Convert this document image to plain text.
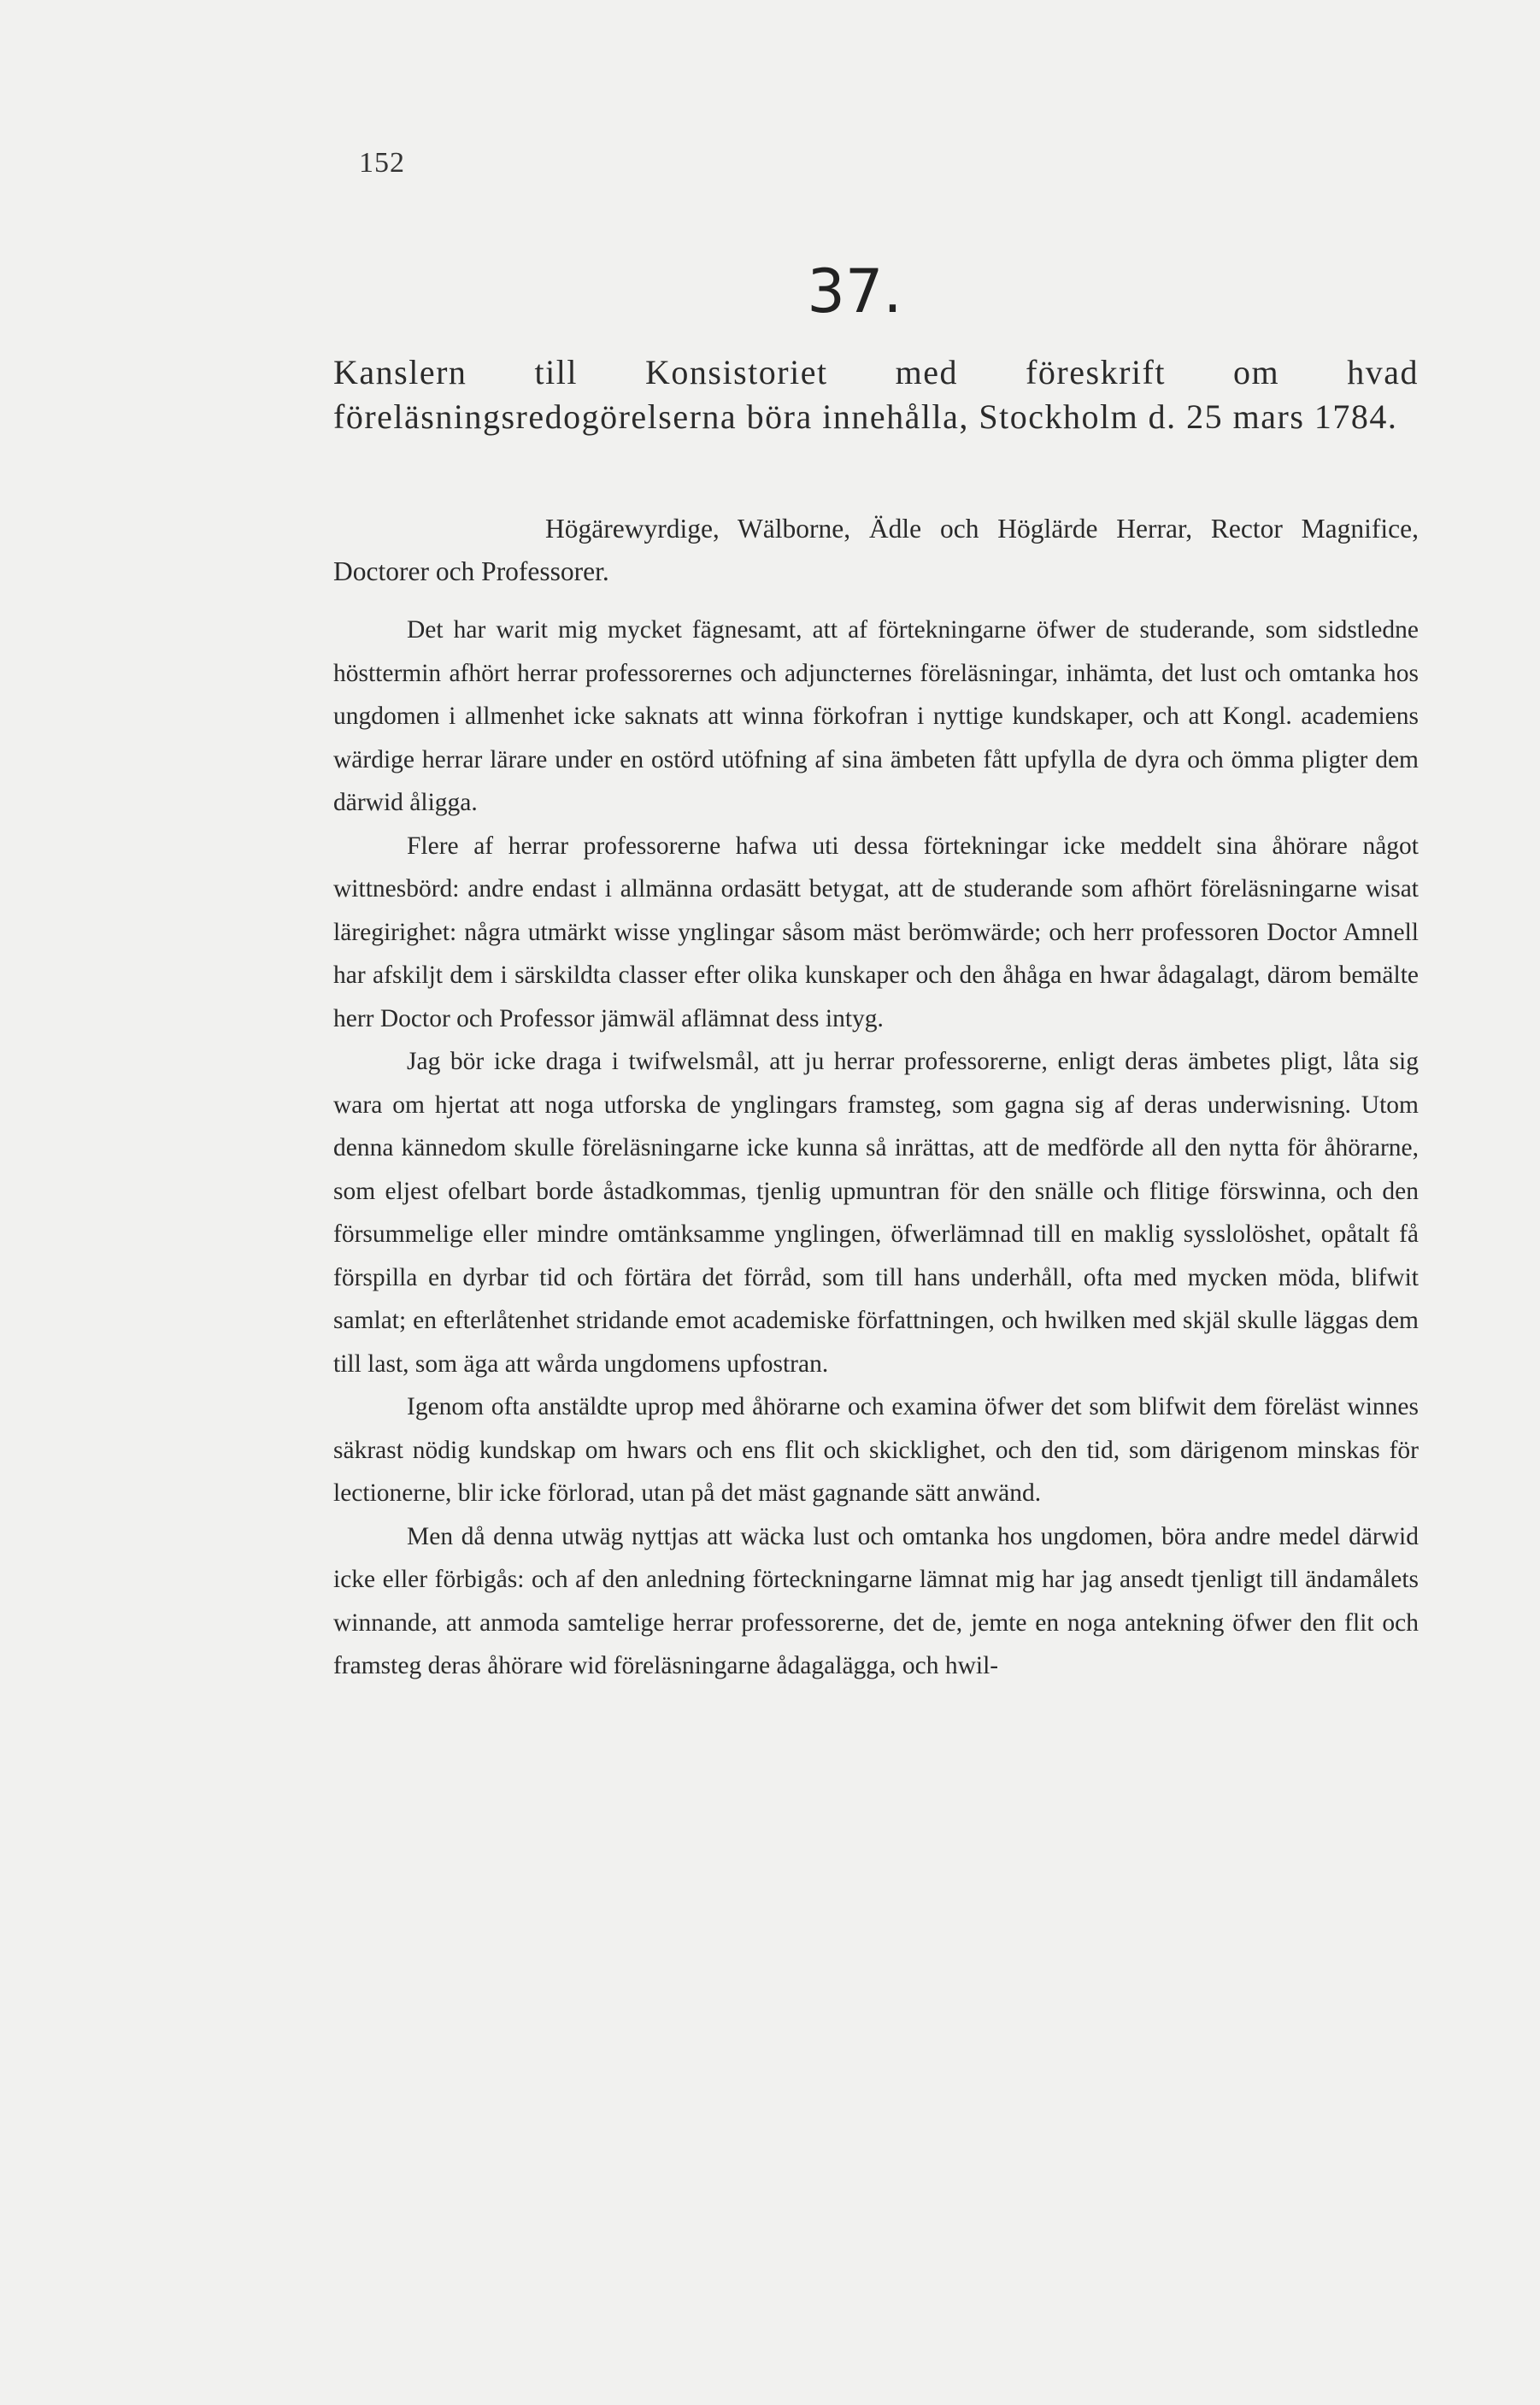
152
37.
Kanslern till Konsistoriet med föreskrift om hvad föreläsningsredogörelserna böra innehålla, Stockholm d. 25 mars 1784.
Högärewyrdige, Wälborne, Ädle och Höglärde Herrar, Rector Magnifice, Doctorer och Professorer.

Det har warit mig mycket fägnesamt, att af förtekningarne öfwer de studerande, som sidstledne hösttermin afhört herrar professorernes och adjuncternes föreläsningar, inhämta, det lust och omtanka hos ungdomen i allmenhet icke saknats att winna förkofran i nyttige kundskaper, och att Kongl. academiens wärdige herrar lärare under en ostörd utöfning af sina ämbeten fått upfylla de dyra och ömma pligter dem därwid åligga.

Flere af herrar professorerne hafwa uti dessa förtekningar icke meddelt sina åhörare något wittnesbörd: andre endast i allmänna ordasätt betygat, att de studerande som afhört föreläsningarne wisat läregirighet: några utmärkt wisse ynglingar såsom mäst berömwärde; och herr professoren Doctor Amnell har afskiljt dem i särskildta classer efter olika kunskaper och den åhåga en hwar ådagalagt, därom bemälte herr Doctor och Professor jämwäl aflämnat dess intyg.

Jag bör icke draga i twifwelsmål, att ju herrar professorerne, enligt deras ämbetes pligt, låta sig wara om hjertat att noga utforska de ynglingars framsteg, som gagna sig af deras underwisning. Utom denna kännedom skulle föreläsningarne icke kunna så inrättas, att de medförde all den nytta för åhörarne, som eljest ofelbart borde åstadkommas, tjenlig upmuntran för den snälle och flitige förswinna, och den försummelige eller mindre omtänksamme ynglingen, öfwerlämnad till en maklig sysslolöshet, opåtalt få förspilla en dyrbar tid och förtära det förråd, som till hans underhåll, ofta med mycken möda, blifwit samlat; en efterlåtenhet stridande emot academiske författningen, och hwilken med skjäl skulle läggas dem till last, som äga att wårda ungdomens upfostran.

Igenom ofta anstäldte uprop med åhörarne och examina öfwer det som blifwit dem föreläst winnes säkrast nödig kundskap om hwars och ens flit och skicklighet, och den tid, som därigenom minskas för lectionerne, blir icke förlorad, utan på det mäst gagnande sätt anwänd.

Men då denna utwäg nyttjas att wäcka lust och omtanka hos ungdomen, böra andre medel därwid icke eller förbigås: och af den anledning förteckningarne lämnat mig har jag ansedt tjenligt till ändamålets winnande, att anmoda samtelige herrar professorerne, det de, jemte en noga antekning öfwer den flit och framsteg deras åhörare wid föreläsningarne ådagalägga, och hwil-
